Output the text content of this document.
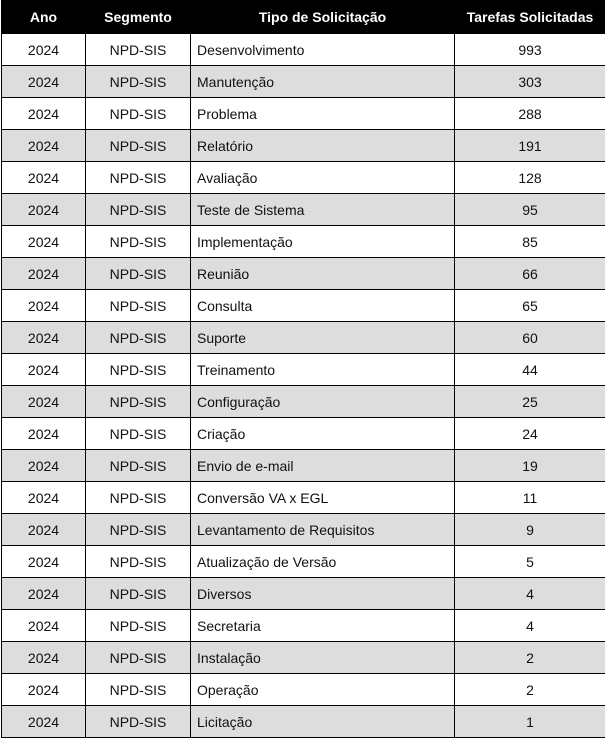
Ano	Segmento	Tipo de Solicitação	Tarefas Solicitadas
2024	NPD-SIS	Desenvolvimento	993
2024	NPD-SIS	Manutenção	303
2024	NPD-SIS	Problema	288
2024	NPD-SIS	Relatório	191
2024	NPD-SIS	Avaliação	128
2024	NPD-SIS	Teste de Sistema	95
2024	NPD-SIS	Implementação	85
2024	NPD-SIS	Reunião	66
2024	NPD-SIS	Consulta	65
2024	NPD-SIS	Suporte	60
2024	NPD-SIS	Treinamento	44
2024	NPD-SIS	Configuração	25
2024	NPD-SIS	Criação	24
2024	NPD-SIS	Envio de e-mail	19
2024	NPD-SIS	Conversão VA x EGL	11
2024	NPD-SIS	Levantamento de Requisitos	9
2024	NPD-SIS	Atualização de Versão	5
2024	NPD-SIS	Diversos	4
2024	NPD-SIS	Secretaria	4
2024	NPD-SIS	Instalação	2
2024	NPD-SIS	Operação	2
2024	NPD-SIS	Licitação	1
